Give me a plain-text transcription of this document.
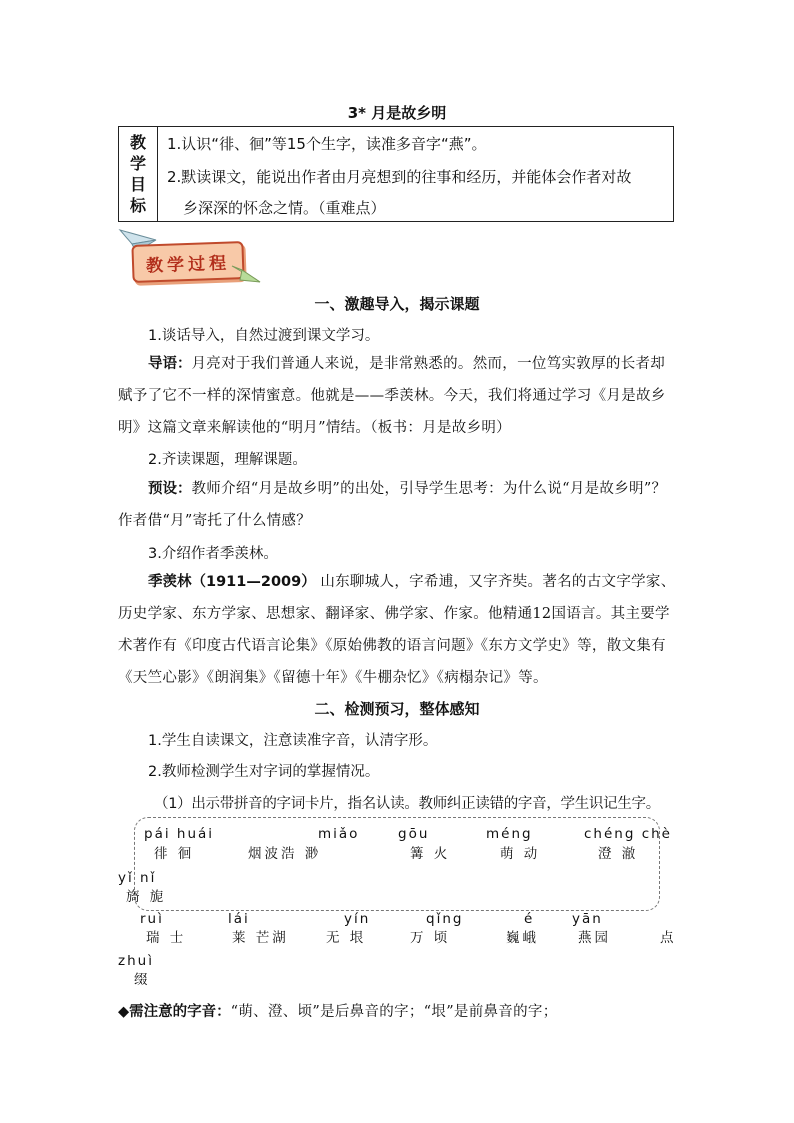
3* 月是故乡明
教学目标
1.认识“徘、徊”等15个生字，读准多音字“燕”。
2.默读课文，能说出作者由月亮想到的往事和经历，并能体会作者对故
乡深深的怀念之情。（重难点）
教学过程
一、激趣导入，揭示课题
1.谈话导入，自然过渡到课文学习。
导语：月亮对于我们普通人来说，是非常熟悉的。然而，一位笃实敦厚的长者却赋予了它不一样的深情蜜意。他就是——季羡林。今天，我们将通过学习《月是故乡明》这篇文章来解读他的“明月”情结。（板书：月是故乡明）
2.齐读课题，理解课题。
预设：教师介绍“月是故乡明”的出处，引导学生思考：为什么说“月是故乡明”？作者借“月”寄托了什么情感？
3.介绍作者季羡林。
季羡林（1911—2009） 山东聊城人，字希逋，又字齐奘。著名的古文字学家、历史学家、东方学家、思想家、翻译家、佛学家、作家。他精通12国语言。其主要学术著作有《印度古代语言论集》《原始佛教的语言问题》《东方文学史》等，散文集有《天竺心影》《朗润集》《留德十年》《牛棚杂忆》《病榻杂记》等。
二、检测预习，整体感知
1.学生自读课文，注意读准字音，认清字形。
2.教师检测学生对字词的掌握情况。
（1）出示带拼音的字词卡片，指名认读。教师纠正读错的字音，学生识记生字。
pái huái	miǎo	gōu	méng	chéng chè
徘 徊	烟波浩 渺	篝 火	萌 动	澄 澈
yǐ nǐ
旖 旎
ruì	lái	yín	qǐng	é	yān
瑞 士	莱 芒湖	无 垠	万 顷	巍峨	燕园	点
zhuì
缀
◆需注意的字音：“萌、澄、顷”是后鼻音的字；“垠”是前鼻音的字；
